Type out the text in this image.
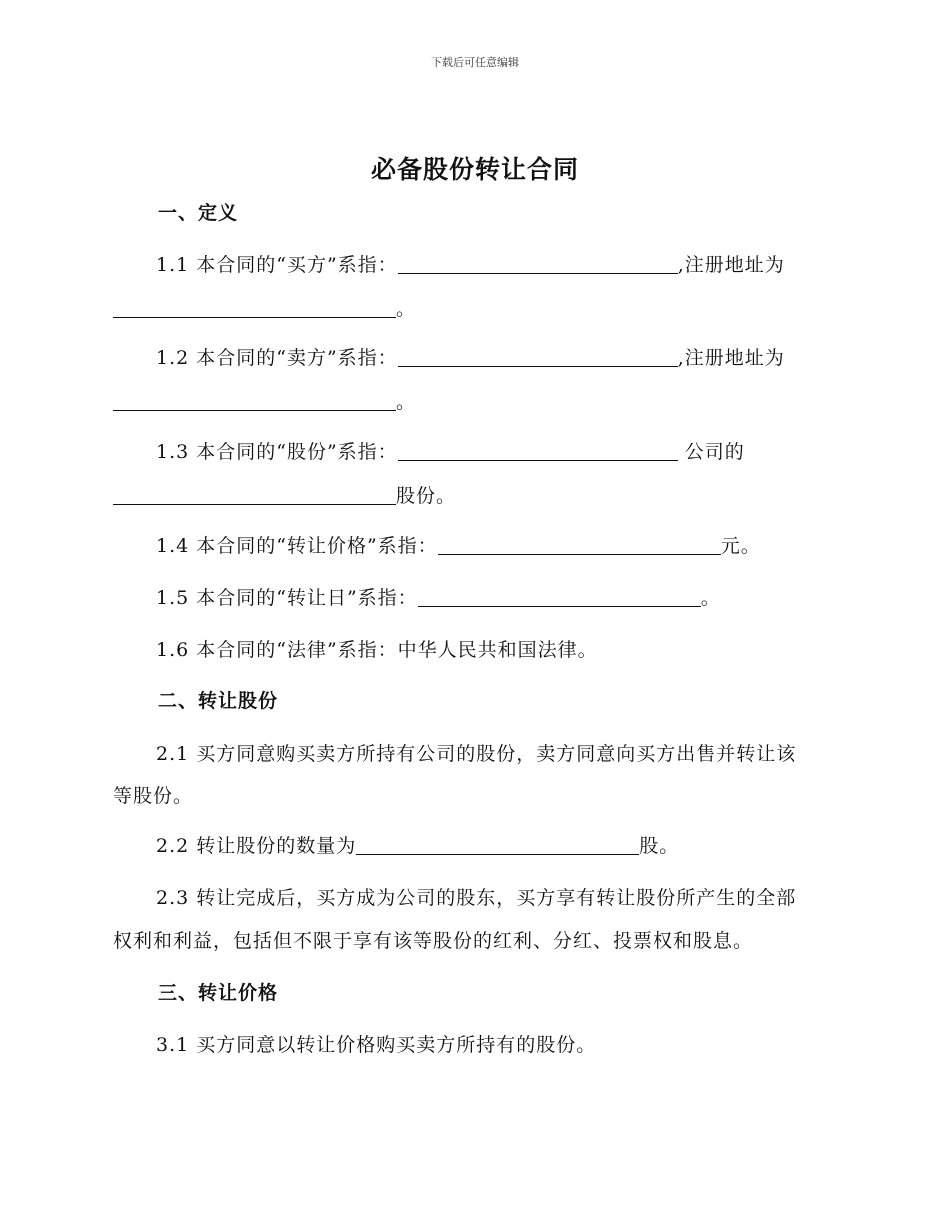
下载后可任意编辑
必备股份转让合同
一、定义
1.1 本合同的“买方”系指：	,注册地址为
。
1.2 本合同的“卖方”系指：	,注册地址为
。
1.3 本合同的“股份”系指：	公司的
股份。
1.4 本合同的“转让价格”系指：	元。
1.5 本合同的“转让日”系指：	。
1.6 本合同的“法律”系指：中华人民共和国法律。
二、转让股份
2.1 买方同意购买卖方所持有公司的股份，卖方同意向买方出售并转让该
等股份。
2.2 转让股份的数量为	股。
2.3 转让完成后，买方成为公司的股东，买方享有转让股份所产生的全部
权利和利益，包括但不限于享有该等股份的红利、分红、投票权和股息。
三、转让价格
3.1 买方同意以转让价格购买卖方所持有的股份。
